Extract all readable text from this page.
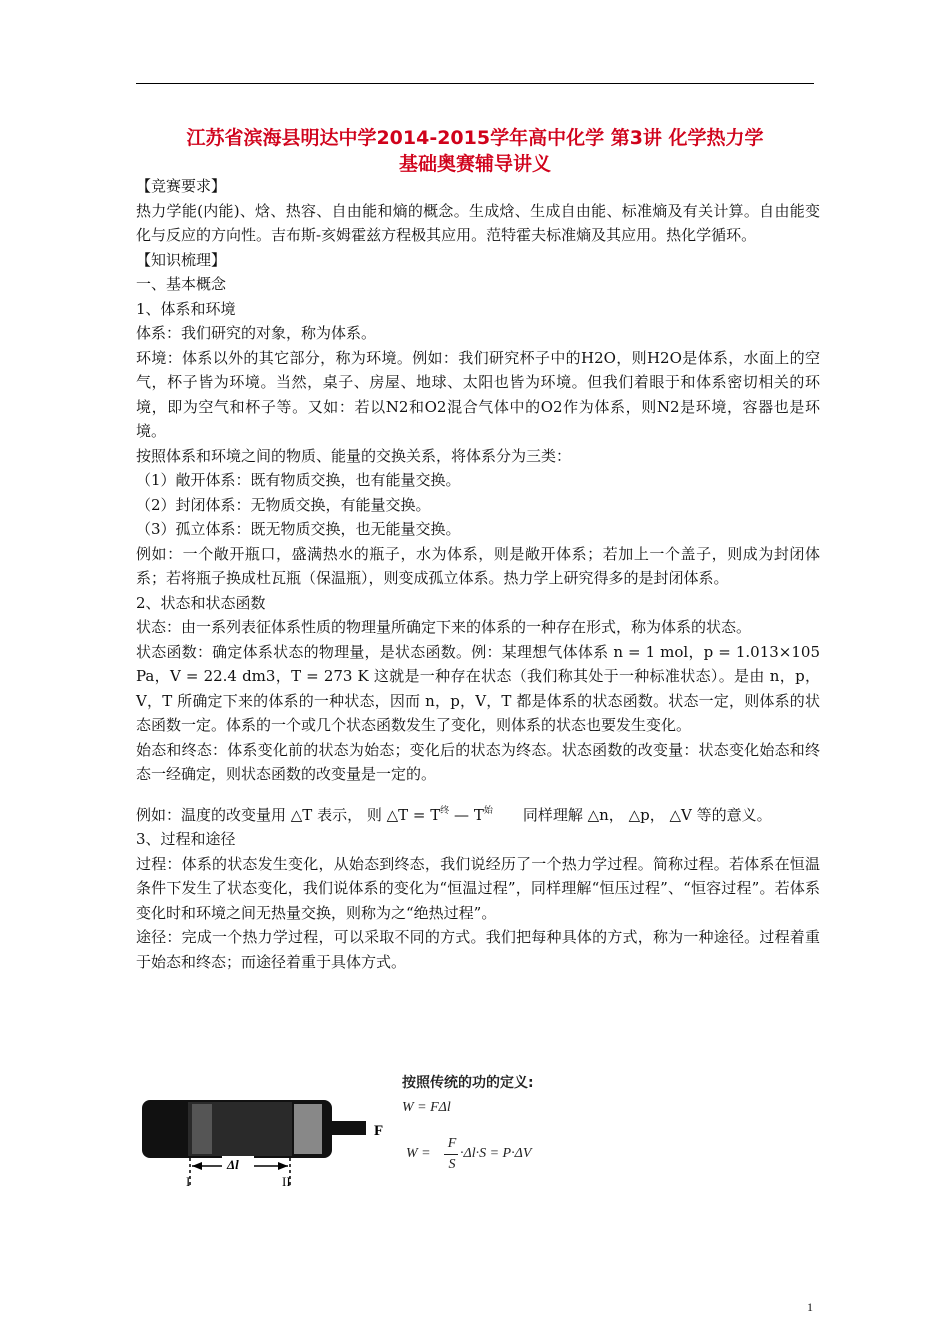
江苏省滨海县明达中学2014-2015学年高中化学 第3讲 化学热力学
基础奥赛辅导讲义

【竞赛要求】

热力学能(内能)、焓、热容、自由能和熵的概念。生成焓、生成自由能、标准熵及有关计算。自由能变化与反应的方向性。吉布斯-亥姆霍兹方程极其应用。范特霍夫标准熵及其应用。热化学循环。

【知识梳理】

一、基本概念

1、体系和环境

体系：我们研究的对象，称为体系。

环境：体系以外的其它部分，称为环境。例如：我们研究杯子中的H2O，则H2O是体系，水面上的空气，杯子皆为环境。当然，桌子、房屋、地球、太阳也皆为环境。但我们着眼于和体系密切相关的环境，即为空气和杯子等。又如：若以N2和O2混合气体中的O2作为体系，则N2是环境，容器也是环境。

按照体系和环境之间的物质、能量的交换关系，将体系分为三类：

（1）敞开体系：既有物质交换，也有能量交换。

（2）封闭体系：无物质交换，有能量交换。

（3）孤立体系：既无物质交换，也无能量交换。

例如：一个敞开瓶口，盛满热水的瓶子，水为体系，则是敞开体系；若加上一个盖子，则成为封闭体系；若将瓶子换成杜瓦瓶（保温瓶），则变成孤立体系。热力学上研究得多的是封闭体系。

2、状态和状态函数

状态：由一系列表征体系性质的物理量所确定下来的体系的一种存在形式，称为体系的状态。

状态函数：确定体系状态的物理量，是状态函数。例：某理想气体体系 n = 1 mol，p = 1.013×105 Pa，V = 22.4 dm3，T = 273 K 这就是一种存在状态（我们称其处于一种标准状态）。是由 n，p，V，T 所确定下来的体系的一种状态，因而 n，p，V，T 都是体系的状态函数。状态一定，则体系的状态函数一定。体系的一个或几个状态函数发生了变化，则体系的状态也要发生变化。

始态和终态：体系变化前的状态为始态；变化后的状态为终态。状态函数的改变量：状态变化始态和终态一经确定，则状态函数的改变量是一定的。

例如：温度的改变量用 △T 表示， 则 △T = $T^终$ — $T^始$　　同样理解 △n， △p， △V 等的意义。

3、过程和途径

过程：体系的状态发生变化，从始态到终态，我们说经历了一个热力学过程。简称过程。若体系在恒温条件下发生了状态变化，我们说体系的变化为“恒温过程”，同样理解“恒压过程”、“恒容过程”。若体系变化时和环境之间无热量交换，则称为之“绝热过程”。

途径：完成一个热力学过程，可以采取不同的方式。我们把每种具体的方式，称为一种途径。过程着重于始态和终态；而途径着重于具体方式。

F
Δl
I	II
按照传统的功的定义:
W = FΔl
W =
F
S
·Δl·S = P·ΔV
1
